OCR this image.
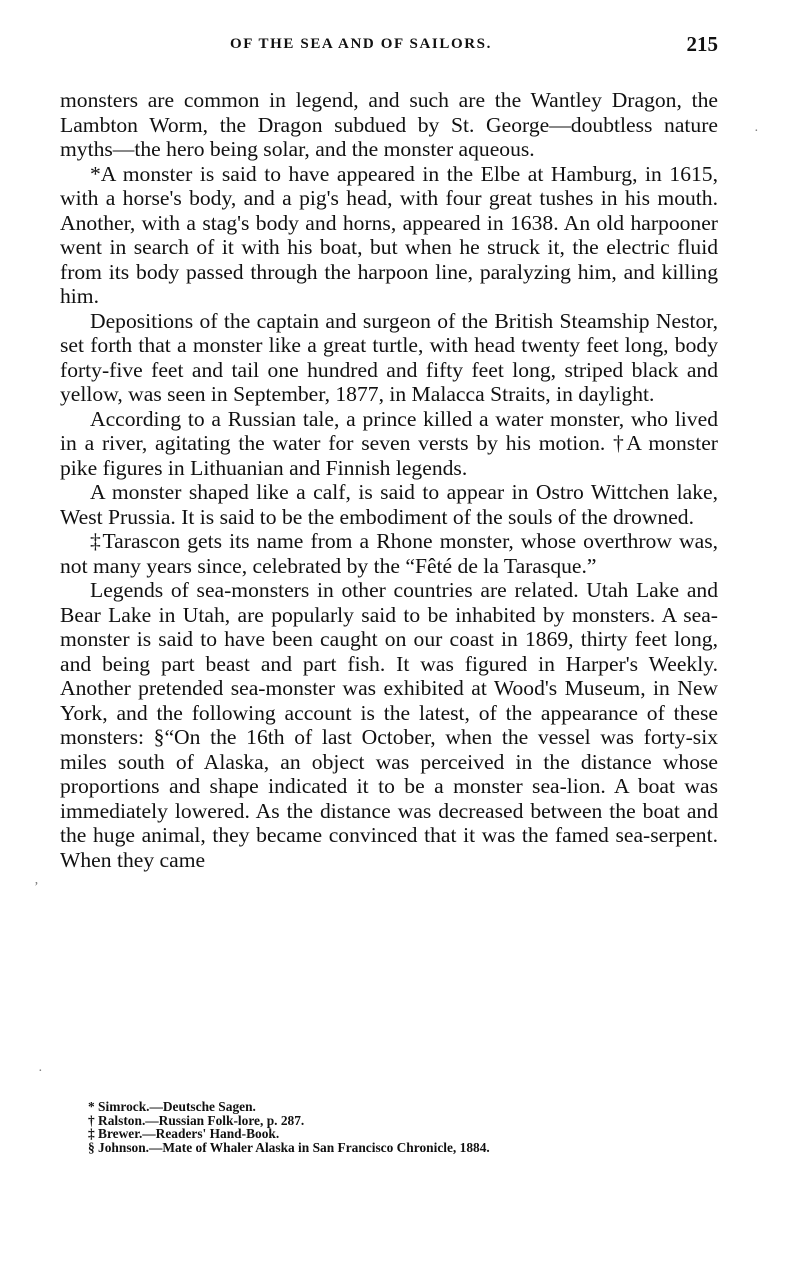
OF THE SEA AND OF SAILORS.	215

monsters are common in legend, and such are the Wantley Dragon, the Lambton Worm, the Dragon subdued by St. George—doubtless nature myths—the hero being solar, and the monster aqueous.

*A monster is said to have appeared in the Elbe at Hamburg, in 1615, with a horse's body, and a pig's head, with four great tushes in his mouth. Another, with a stag's body and horns, appeared in 1638. An old harpooner went in search of it with his boat, but when he struck it, the electric fluid from its body passed through the harpoon line, paralyzing him, and killing him.

Depositions of the captain and surgeon of the British Steamship Nestor, set forth that a monster like a great turtle, with head twenty feet long, body forty-five feet and tail one hundred and fifty feet long, striped black and yellow, was seen in September, 1877, in Malacca Straits, in daylight.

According to a Russian tale, a prince killed a water monster, who lived in a river, agitating the water for seven versts by his motion. †A monster pike figures in Lithuanian and Finnish legends.

A monster shaped like a calf, is said to appear in Ostro Wittchen lake, West Prussia. It is said to be the embodiment of the souls of the drowned.

‡Tarascon gets its name from a Rhone monster, whose overthrow was, not many years since, celebrated by the “Fêté de la Tarasque.”

Legends of sea-monsters in other countries are related. Utah Lake and Bear Lake in Utah, are popularly said to be inhabited by monsters. A sea-monster is said to have been caught on our coast in 1869, thirty feet long, and being part beast and part fish. It was figured in Harper's Weekly. Another pretended sea-monster was exhibited at Wood's Museum, in New York, and the following account is the latest, of the appearance of these monsters: §“On the 16th of last October, when the vessel was forty-six miles south of Alaska, an object was perceived in the distance whose proportions and shape indicated it to be a monster sea-lion. A boat was immediately lowered. As the distance was decreased between the boat and the huge animal, they became convinced that it was the famed sea-serpent. When they came

* Simrock.—Deutsche Sagen.
† Ralston.—Russian Folk-lore, p. 287.
‡ Brewer.—Readers' Hand-Book.
§ Johnson.—Mate of Whaler Alaska in San Francisco Chronicle, 1884.
·
ʼ
·
